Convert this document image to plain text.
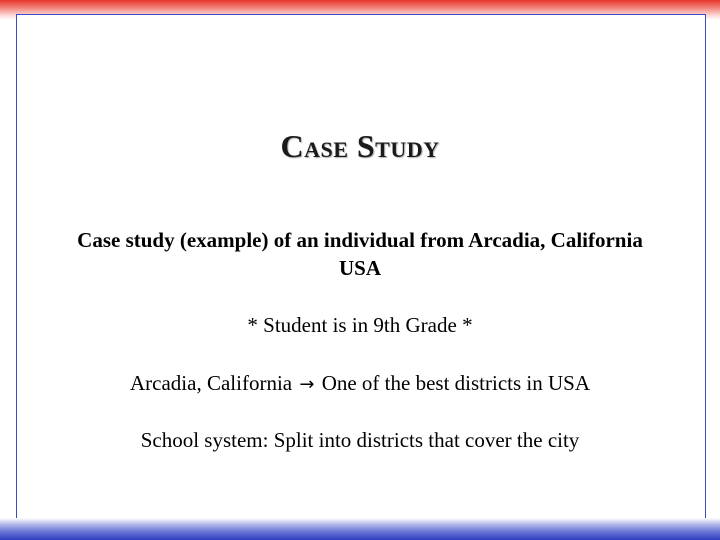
Case Study
Case study (example) of an individual from Arcadia, California USA
* Student is in 9th Grade *
Arcadia, California → One of the best districts in USA
School system: Split into districts that cover the city
